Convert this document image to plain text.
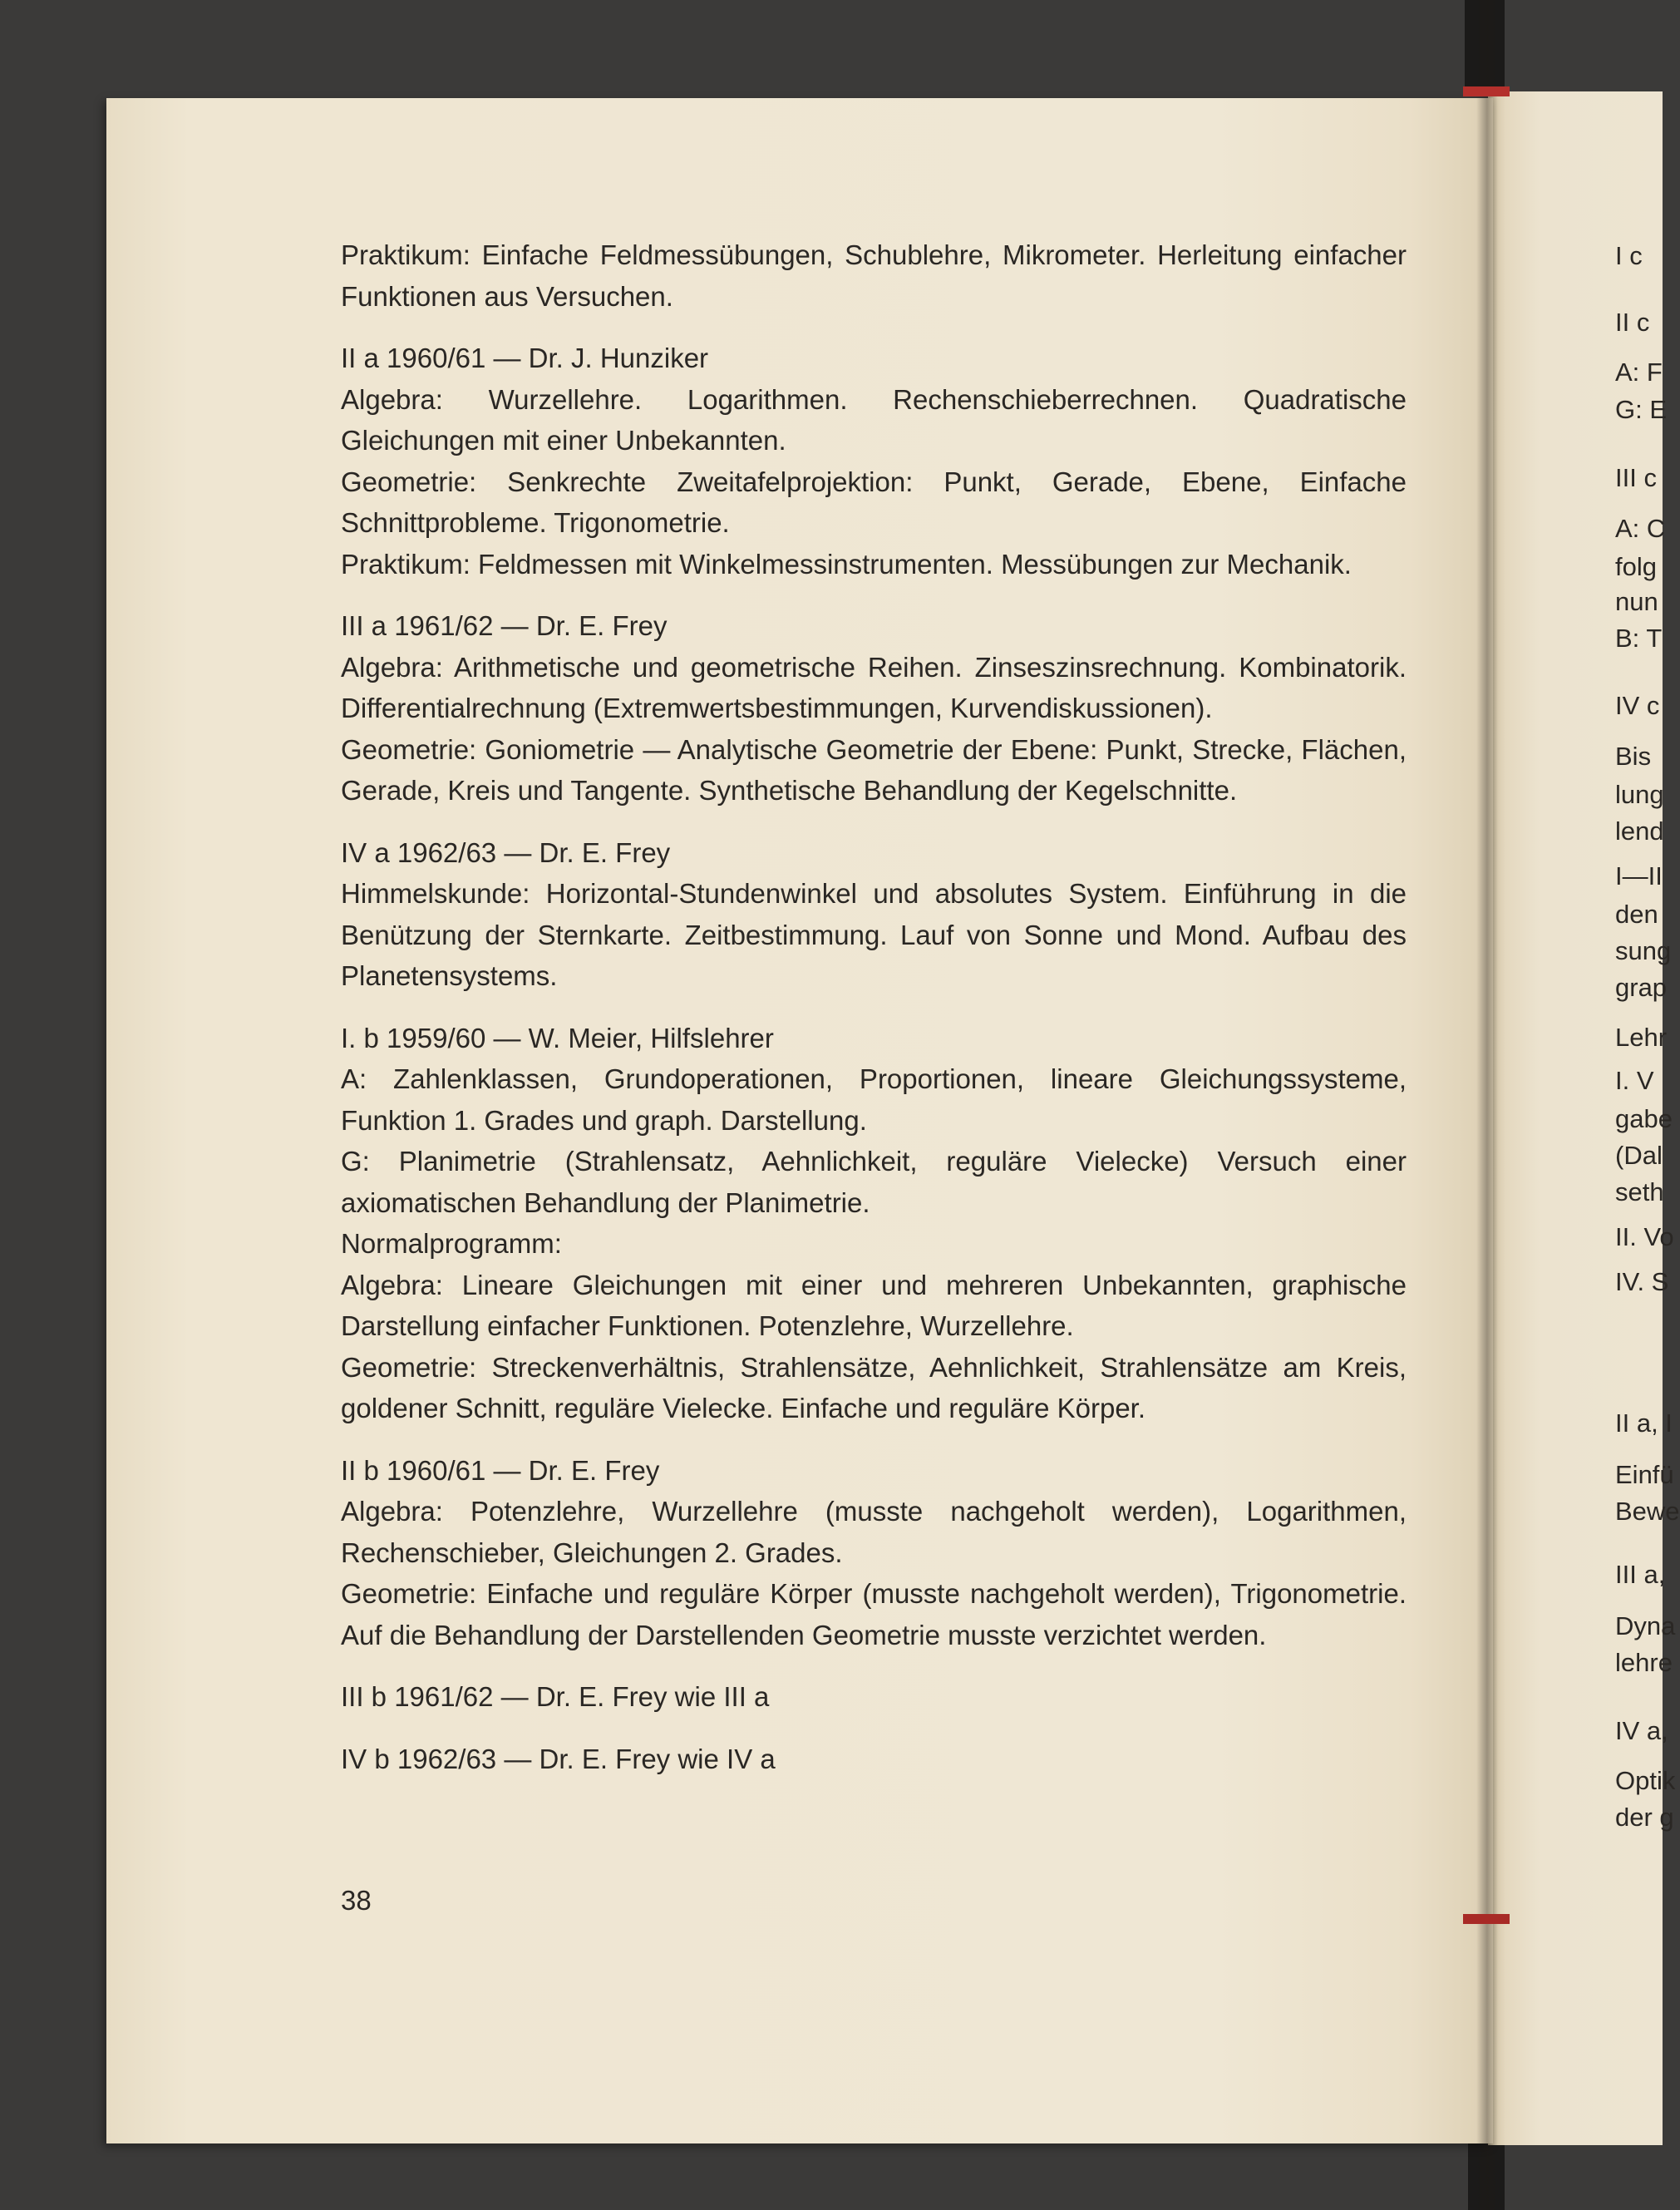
Praktikum: Einfache Feldmessübungen, Schublehre, Mikrometer. Herleitung einfacher Funktionen aus Versuchen.

II a 1960/61 — Dr. J. Hunziker

Algebra: Wurzellehre. Logarithmen. Rechenschieberrechnen. Quadratische Gleichungen mit einer Unbekannten.

Geometrie: Senkrechte Zweitafelprojektion: Punkt, Gerade, Ebene, Einfache Schnittprobleme. Trigonometrie.

Praktikum: Feldmessen mit Winkelmessinstrumenten. Messübungen zur Mechanik.

III a 1961/62 — Dr. E. Frey

Algebra: Arithmetische und geometrische Reihen. Zinseszinsrechnung. Kombinatorik. Differentialrechnung (Extremwertsbestimmungen, Kurvendiskussionen).

Geometrie: Goniometrie — Analytische Geometrie der Ebene: Punkt, Strecke, Flächen, Gerade, Kreis und Tangente. Synthetische Behandlung der Kegelschnitte.

IV a 1962/63 — Dr. E. Frey

Himmelskunde: Horizontal-Stundenwinkel und absolutes System. Einführung in die Benützung der Sternkarte. Zeitbestimmung. Lauf von Sonne und Mond. Aufbau des Planetensystems.

I. b 1959/60 — W. Meier, Hilfslehrer

A: Zahlenklassen, Grundoperationen, Proportionen, lineare Gleichungssysteme, Funktion 1. Grades und graph. Darstellung.

G: Planimetrie (Strahlensatz, Aehnlichkeit, reguläre Vielecke) Versuch einer axiomatischen Behandlung der Planimetrie.

Normalprogramm:

Algebra: Lineare Gleichungen mit einer und mehreren Unbekannten, graphische Darstellung einfacher Funktionen. Potenzlehre, Wurzellehre.

Geometrie: Streckenverhältnis, Strahlensätze, Aehnlichkeit, Strahlensätze am Kreis, goldener Schnitt, reguläre Vielecke. Einfache und reguläre Körper.

II b 1960/61 — Dr. E. Frey

Algebra: Potenzlehre, Wurzellehre (musste nachgeholt werden), Logarithmen, Rechenschieber, Gleichungen 2. Grades.

Geometrie: Einfache und reguläre Körper (musste nachgeholt werden), Trigonometrie. Auf die Behandlung der Darstellenden Geometrie musste verzichtet werden.

III b 1961/62 — Dr. E. Frey wie III a

IV b 1962/63 — Dr. E. Frey wie IV a

38
I c
II c
A: F
G: E
III c
A: C
folg
nun
B: T
IV c
Bis
lung
lend
I—II
den
sung
grap
Lehr
I. V
gabe
(Dal
seth
II. Vo
IV. S
II a, I
Einfü
Bewe
III a,
Dyna
lehre
IV a,
Optik
der g
